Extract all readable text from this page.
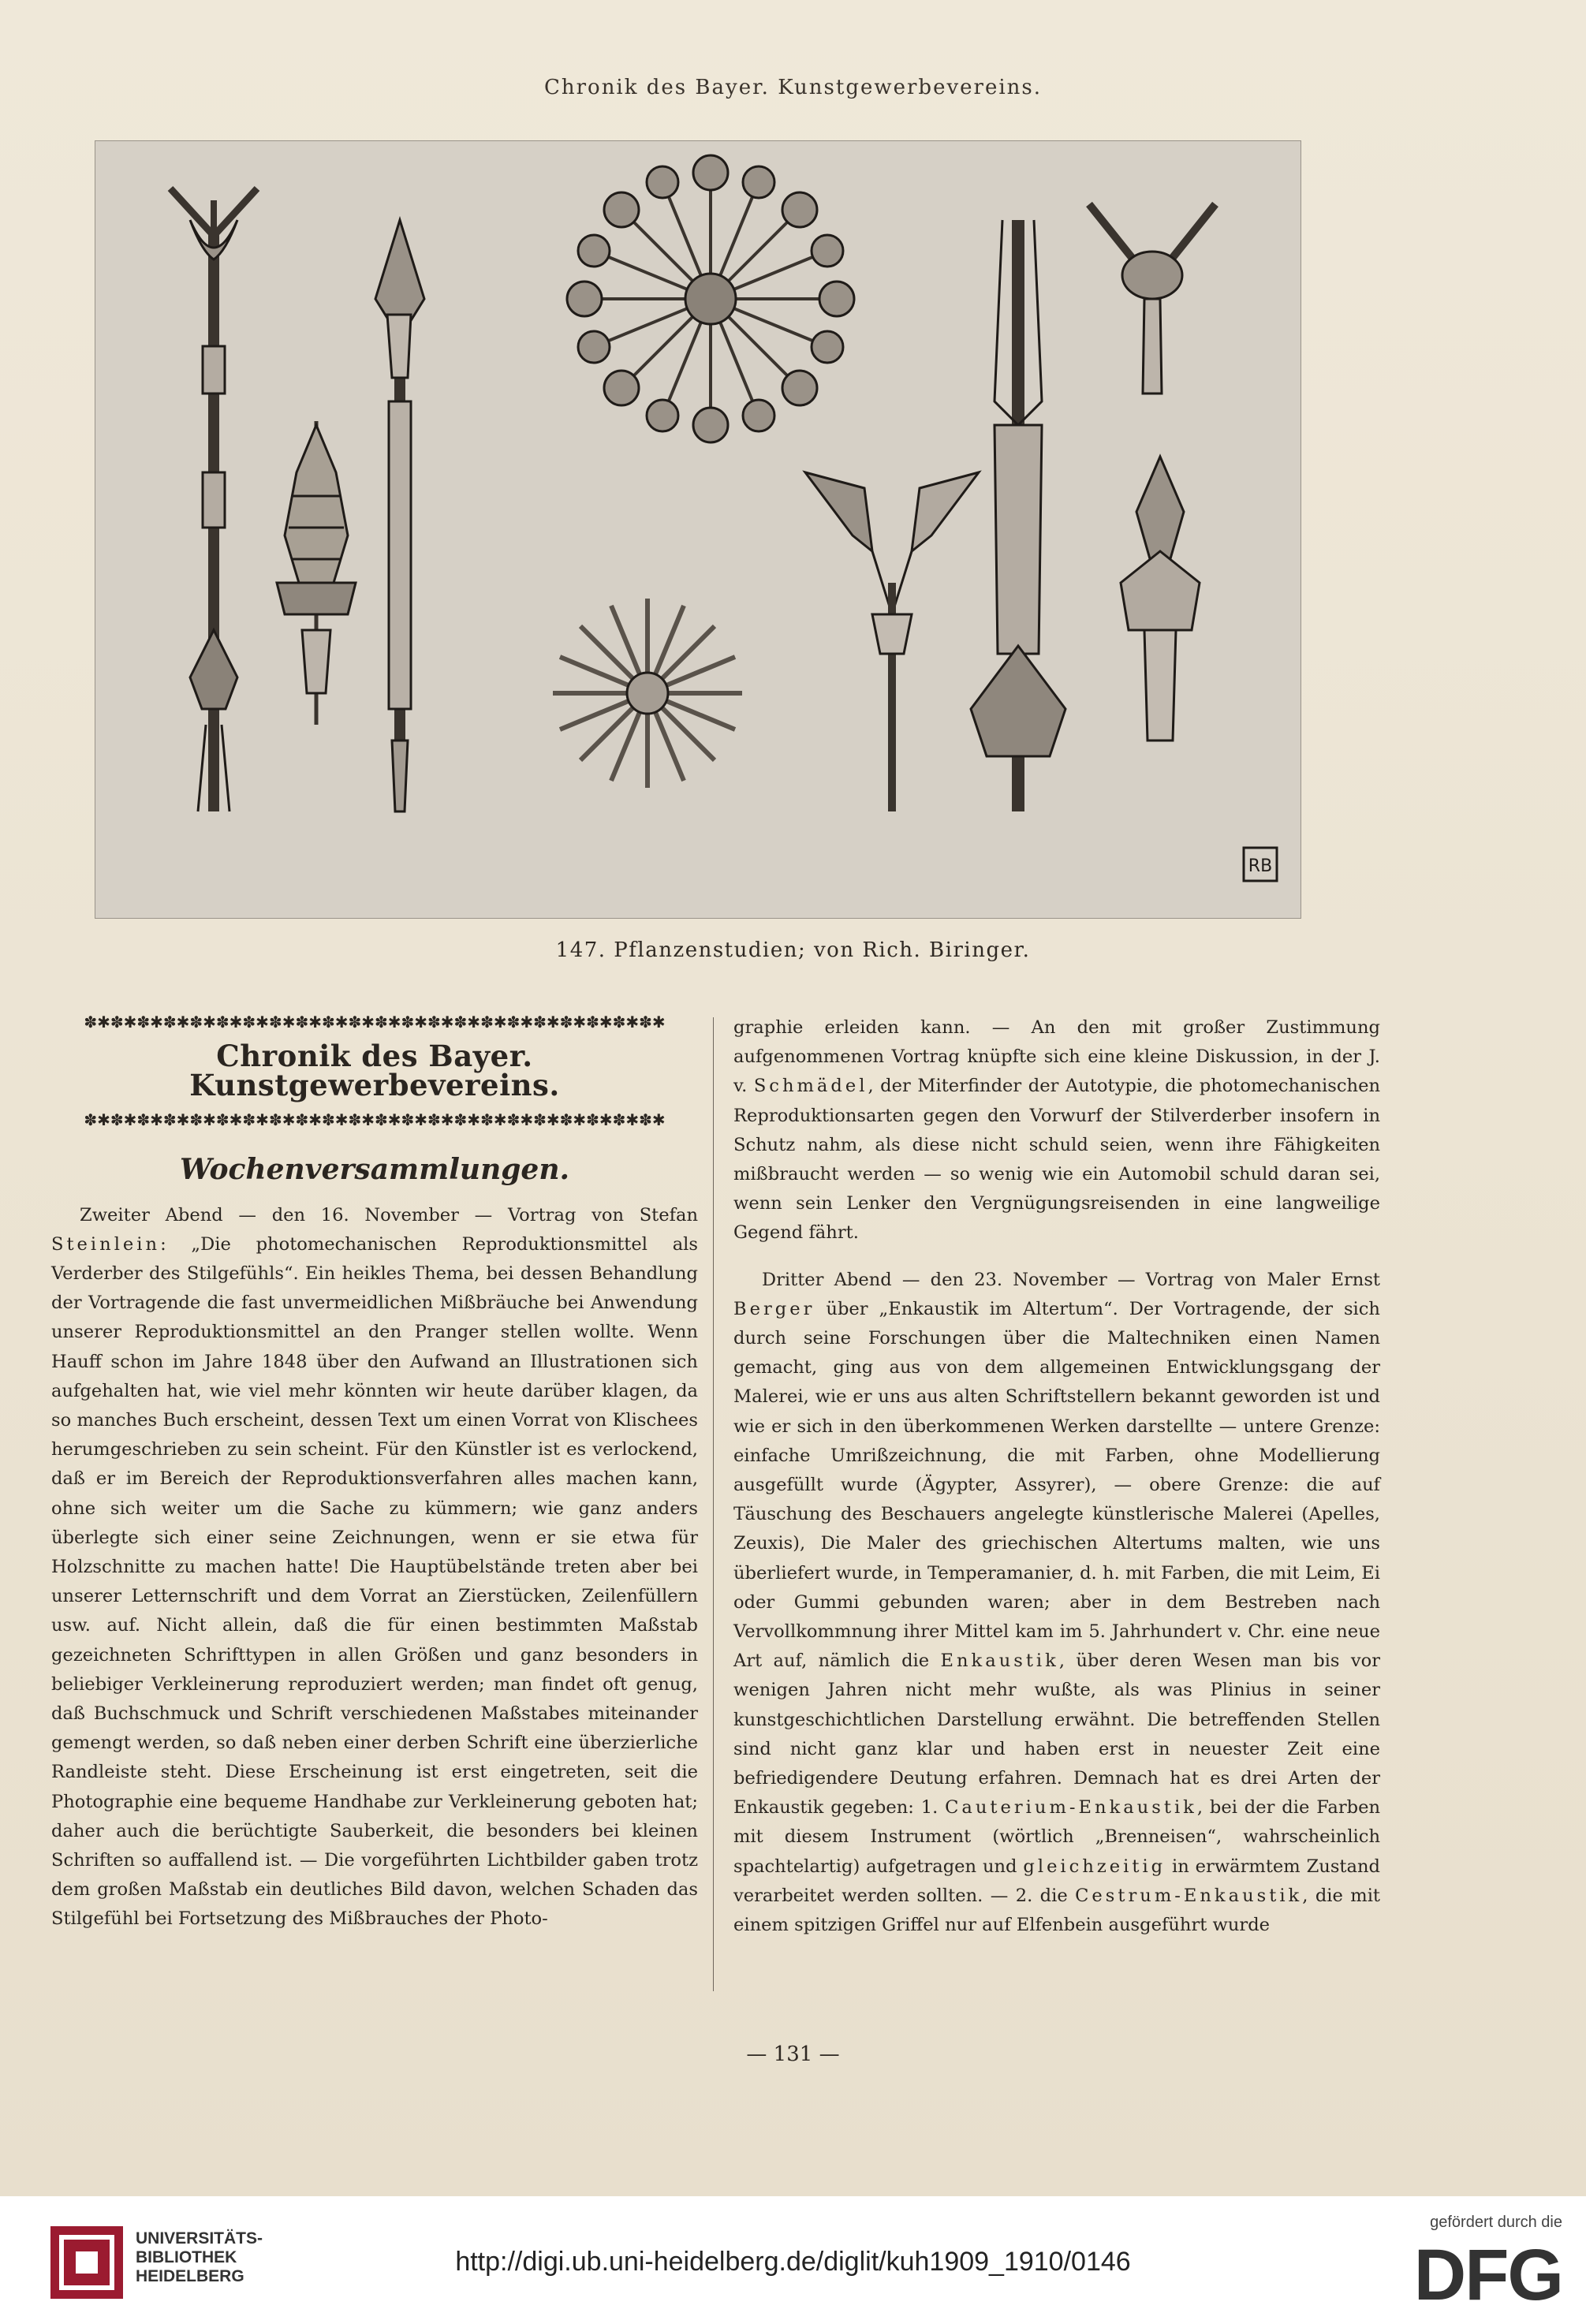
Chronik des Bayer. Kunstgewerbevereins.
RB
147. Pflanzenstudien; von Rich. Biringer.
✽✱✽✱✽✱✽✱✽✱✽✱✽✱✽✱✽✱✽✱✽✱✽✱✽✱✽✱✽✱✽✱✽✱✽✱✽✱✽✱✽✱✽✱
Chronik des Bayer. Kunstgewerbevereins.
✽✱✽✱✽✱✽✱✽✱✽✱✽✱✽✱✽✱✽✱✽✱✽✱✽✱✽✱✽✱✽✱✽✱✽✱✽✱✽✱✽✱✽✱
Wochenversammlungen.

Zweiter Abend — den 16. November — Vortrag von Stefan Steinlein: „Die photomechanischen Reproduktionsmittel als Verderber des Stilgefühls“. Ein heikles Thema, bei dessen Behandlung der Vortragende die fast unvermeidlichen Mißbräuche bei Anwendung unserer Reproduktionsmittel an den Pranger stellen wollte. Wenn Hauff schon im Jahre 1848 über den Aufwand an Illustrationen sich aufgehalten hat, wie viel mehr könnten wir heute darüber klagen, da so manches Buch erscheint, dessen Text um einen Vorrat von Klischees herumgeschrieben zu sein scheint. Für den Künstler ist es verlockend, daß er im Bereich der Reproduktionsverfahren alles machen kann, ohne sich weiter um die Sache zu kümmern; wie ganz anders überlegte sich einer seine Zeichnungen, wenn er sie etwa für Holzschnitte zu machen hatte! Die Hauptübelstände treten aber bei unserer Letternschrift und dem Vorrat an Zierstücken, Zeilenfüllern usw. auf. Nicht allein, daß die für einen bestimmten Maßstab gezeichneten Schrifttypen in allen Größen und ganz besonders in beliebiger Verkleinerung reproduziert werden; man findet oft genug, daß Buchschmuck und Schrift verschiedenen Maßstabes miteinander gemengt werden, so daß neben einer derben Schrift eine überzierliche Randleiste steht. Diese Erscheinung ist erst eingetreten, seit die Photographie eine bequeme Handhabe zur Verkleinerung geboten hat; daher auch die berüchtigte Sauberkeit, die besonders bei kleinen Schriften so auffallend ist. — Die vorgeführten Lichtbilder gaben trotz dem großen Maßstab ein deutliches Bild davon, welchen Schaden das Stilgefühl bei Fortsetzung des Mißbrauches der Photo-

graphie erleiden kann. — An den mit großer Zustimmung aufgenommenen Vortrag knüpfte sich eine kleine Diskussion, in der J. v. Schmädel, der Miterfinder der Autotypie, die photomechanischen Reproduktionsarten gegen den Vorwurf der Stilverderber insofern in Schutz nahm, als diese nicht schuld seien, wenn ihre Fähigkeiten mißbraucht werden — so wenig wie ein Automobil schuld daran sei, wenn sein Lenker den Vergnügungsreisenden in eine langweilige Gegend fährt.

Dritter Abend — den 23. November — Vortrag von Maler Ernst Berger über „Enkaustik im Altertum“. Der Vortragende, der sich durch seine Forschungen über die Maltechniken einen Namen gemacht, ging aus von dem allgemeinen Entwicklungsgang der Malerei, wie er uns aus alten Schriftstellern bekannt geworden ist und wie er sich in den überkommenen Werken darstellte — untere Grenze: einfache Umrißzeichnung, die mit Farben, ohne Modellierung ausgefüllt wurde (Ägypter, Assyrer), — obere Grenze: die auf Täuschung des Beschauers angelegte künstlerische Malerei (Apelles, Zeuxis), Die Maler des griechischen Altertums malten, wie uns überliefert wurde, in Temperamanier, d. h. mit Farben, die mit Leim, Ei oder Gummi gebunden waren; aber in dem Bestreben nach Vervollkommnung ihrer Mittel kam im 5. Jahrhundert v. Chr. eine neue Art auf, nämlich die Enkaustik, über deren Wesen man bis vor wenigen Jahren nicht mehr wußte, als was Plinius in seiner kunstgeschichtlichen Darstellung erwähnt. Die betreffenden Stellen sind nicht ganz klar und haben erst in neuester Zeit eine befriedigendere Deutung erfahren. Demnach hat es drei Arten der Enkaustik gegeben: 1. Cauterium-Enkaustik, bei der die Farben mit diesem Instrument (wörtlich „Brenneisen“, wahrscheinlich spachtelartig) aufgetragen und gleichzeitig in erwärmtem Zustand verarbeitet werden sollten. — 2. die Cestrum-Enkaustik, die mit einem spitzigen Griffel nur auf Elfenbein ausgeführt wurde

— 131 —
UNIVERSITÄTS-
BIBLIOTHEK
HEIDELBERG	http://digi.ub.uni-heidelberg.de/diglit/kuh1909_1910/0146
gefördert durch die
DFG
